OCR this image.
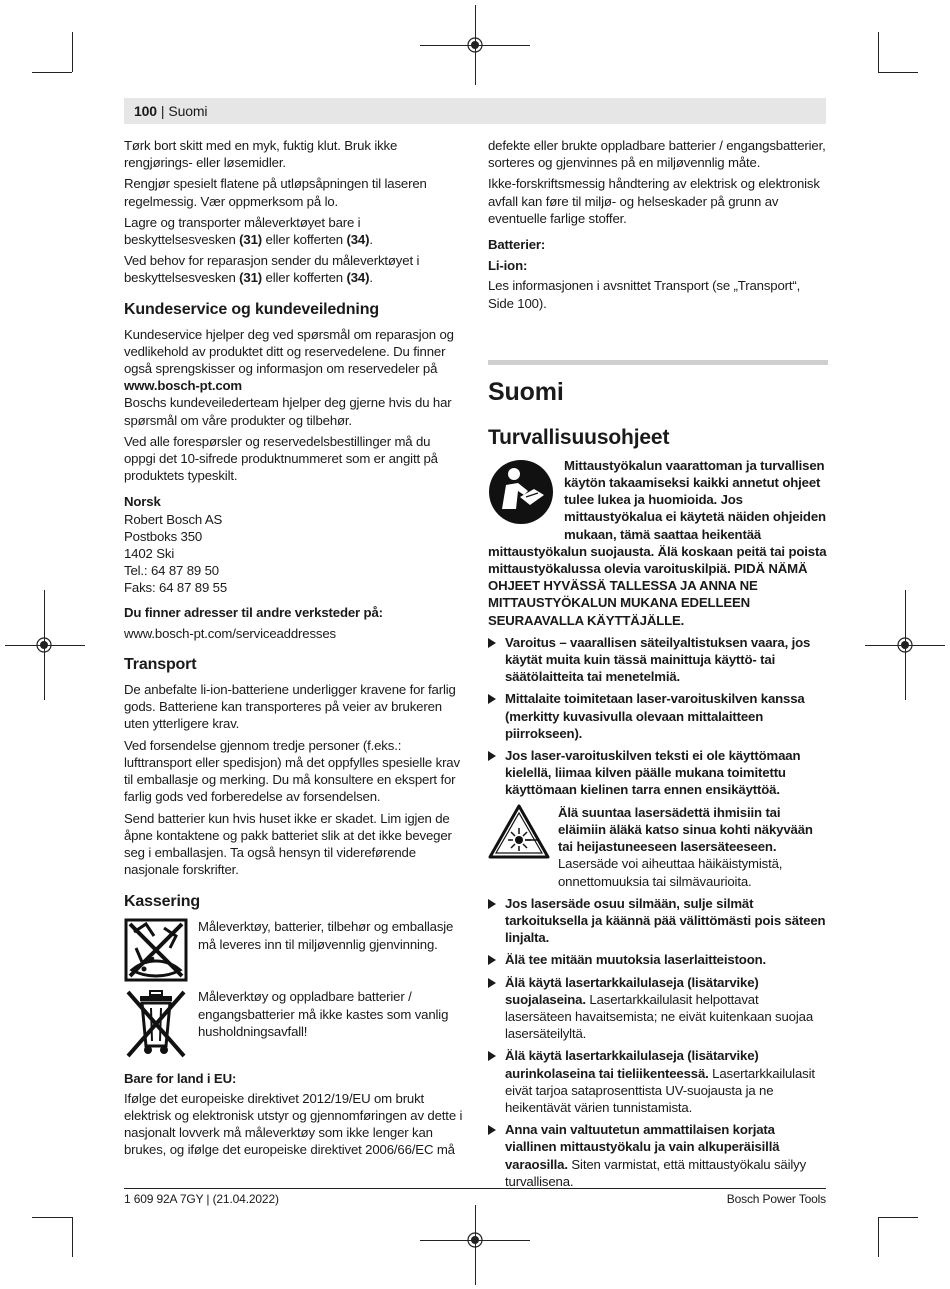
100 | Suomi

Tørk bort skitt med en myk, fuktig klut. Bruk ikke rengjørings- eller løsemidler.

Rengjør spesielt flatene på utløpsåpningen til laseren regelmessig. Vær oppmerksom på lo.

Lagre og transporter måleverktøyet bare i beskyttelsesvesken (31) eller kofferten (34).

Ved behov for reparasjon sender du måleverktøyet i beskyttelsesvesken (31) eller kofferten (34).

Kundeservice og kundeveiledning

Kundeservice hjelper deg ved spørsmål om reparasjon og vedlikehold av produktet ditt og reservedelene. Du finner også sprengskisser og informasjon om reservedeler på

www.bosch-pt.com

Boschs kundeveilederteam hjelper deg gjerne hvis du har spørsmål om våre produkter og tilbehør.

Ved alle forespørsler og reservedelsbestillinger må du oppgi det 10-sifrede produktnummeret som er angitt på produktets typeskilt.

Norsk

Robert Bosch AS
Postboks 350
1402 Ski
Tel.: 64 87 89 50
Faks: 64 87 89 55

Du finner adresser til andre verksteder på:

www.bosch-pt.com/serviceaddresses

Transport

De anbefalte li-ion-batteriene underligger kravene for farlig gods. Batteriene kan transporteres på veier av brukeren uten ytterligere krav.

Ved forsendelse gjennom tredje personer (f.eks.: lufttransport eller spedisjon) må det oppfylles spesielle krav til emballasje og merking. Du må konsultere en ekspert for farlig gods ved forberedelse av forsendelsen.

Send batterier kun hvis huset ikke er skadet. Lim igjen de åpne kontaktene og pakk batteriet slik at det ikke beveger seg i emballasjen. Ta også hensyn til videreførende nasjonale forskrifter.

Kassering

Måleverktøy, batterier, tilbehør og emballasje må leveres inn til miljøvennlig gjenvinning.

Måleverktøy og oppladbare batterier / engangsbatterier må ikke kastes som vanlig husholdningsavfall!

Bare for land i EU:

Ifølge det europeiske direktivet 2012/19/EU om brukt elektrisk og elektronisk utstyr og gjennomføringen av dette i nasjonalt lovverk må måleverktøy som ikke lenger kan brukes, og ifølge det europeiske direktivet 2006/66/EC må

defekte eller brukte oppladbare batterier / engangsbatterier, sorteres og gjenvinnes på en miljøvennlig måte.

Ikke-forskriftsmessig håndtering av elektrisk og elektronisk avfall kan føre til miljø- og helseskader på grunn av eventuelle farlige stoffer.

Batterier:

Li-ion:

Les informasjonen i avsnittet Transport (se „Transport“, Side 100).

Suomi
Turvallisuusohjeet
Mittaustyökalun vaarattoman ja turvallisen käytön takaamiseksi kaikki annetut ohjeet tulee lukea ja huomioida. Jos mittaustyökalua ei käytetä näiden ohjeiden mukaan, tämä saattaa heikentää mittaustyökalun suojausta. Älä koskaan peitä tai poista mittaustyökalussa olevia varoituskilpiä. PIDÄ NÄMÄ OHJEET HYVÄSSÄ TALLESSA JA ANNA NE MITTAUSTYÖKALUN MUKANA EDELLEEN SEURAAVALLA KÄYTTÄJÄLLE.
Varoitus – vaarallisen säteilyaltistuksen vaara, jos käytät muita kuin tässä mainittuja käyttö- tai säätölaitteita tai menetelmiä.
Mittalaite toimitetaan laser-varoituskilven kanssa (merkitty kuvasivulla olevaan mittalaitteen piirrokseen).
Jos laser-varoituskilven teksti ei ole käyttömaan kielellä, liimaa kilven päälle mukana toimitettu käyttömaan kielinen tarra ennen ensikäyttöä.

Älä suuntaa lasersädettä ihmisiin tai eläimiin äläkä katso sinua kohti näkyvään tai heijastuneeseen lasersäteeseen. Lasersäde voi aiheuttaa häikäistymistä, onnettomuuksia tai silmävaurioita.

Jos lasersäde osuu silmään, sulje silmät tarkoituksella ja käännä pää välittömästi pois säteen linjalta.
Älä tee mitään muutoksia laserlaitteistoon.
Älä käytä lasertarkkailulaseja (lisätarvike) suojalaseina. Lasertarkkailulasit helpottavat lasersäteen havaitsemista; ne eivät kuitenkaan suojaa lasersäteilyltä.
Älä käytä lasertarkkailulaseja (lisätarvike) aurinkolaseina tai tieliikenteessä. Lasertarkkailulasit eivät tarjoa sataprosenttista UV-suojausta ja ne heikentävät värien tunnistamista.
Anna vain valtuutetun ammattilaisen korjata viallinen mittaustyökalu ja vain alkuperäisillä varaosilla. Siten varmistat, että mittaustyökalu säilyy turvallisena.
1 609 92A 7GY | (21.04.2022)	Bosch Power Tools
